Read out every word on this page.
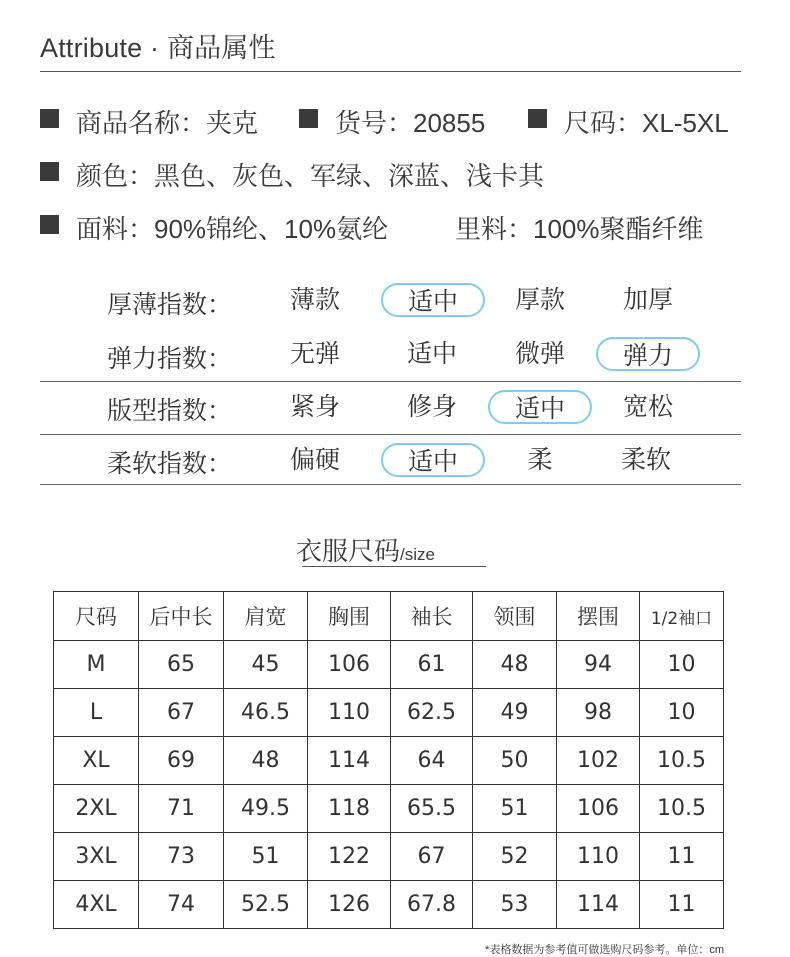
Attribute · 商品属性
商品名称：夹克	货号：20855	尺码：XL-5XL
颜色：黑色、灰色、军绿、深蓝、浅卡其
面料：90%锦纶、10%氨纶	里料：100%聚酯纤维
厚薄指数：	薄款	适中	厚款	加厚
弹力指数：	无弹	适中	微弹	弹力
版型指数：	紧身	修身	适中	宽松
柔软指数：	偏硬	适中	柔	柔软
衣服尺码/size
尺码	后中长	肩宽	胸围	袖长	领围	摆围	1/2袖口
M	65	45	106	61	48	94	10
L	67	46.5	110	62.5	49	98	10
XL	69	48	114	64	50	102	10.5
2XL	71	49.5	118	65.5	51	106	10.5
3XL	73	51	122	67	52	110	11
4XL	74	52.5	126	67.8	53	114	11
*表格数据为参考值可做选购尺码参考。单位：cm
